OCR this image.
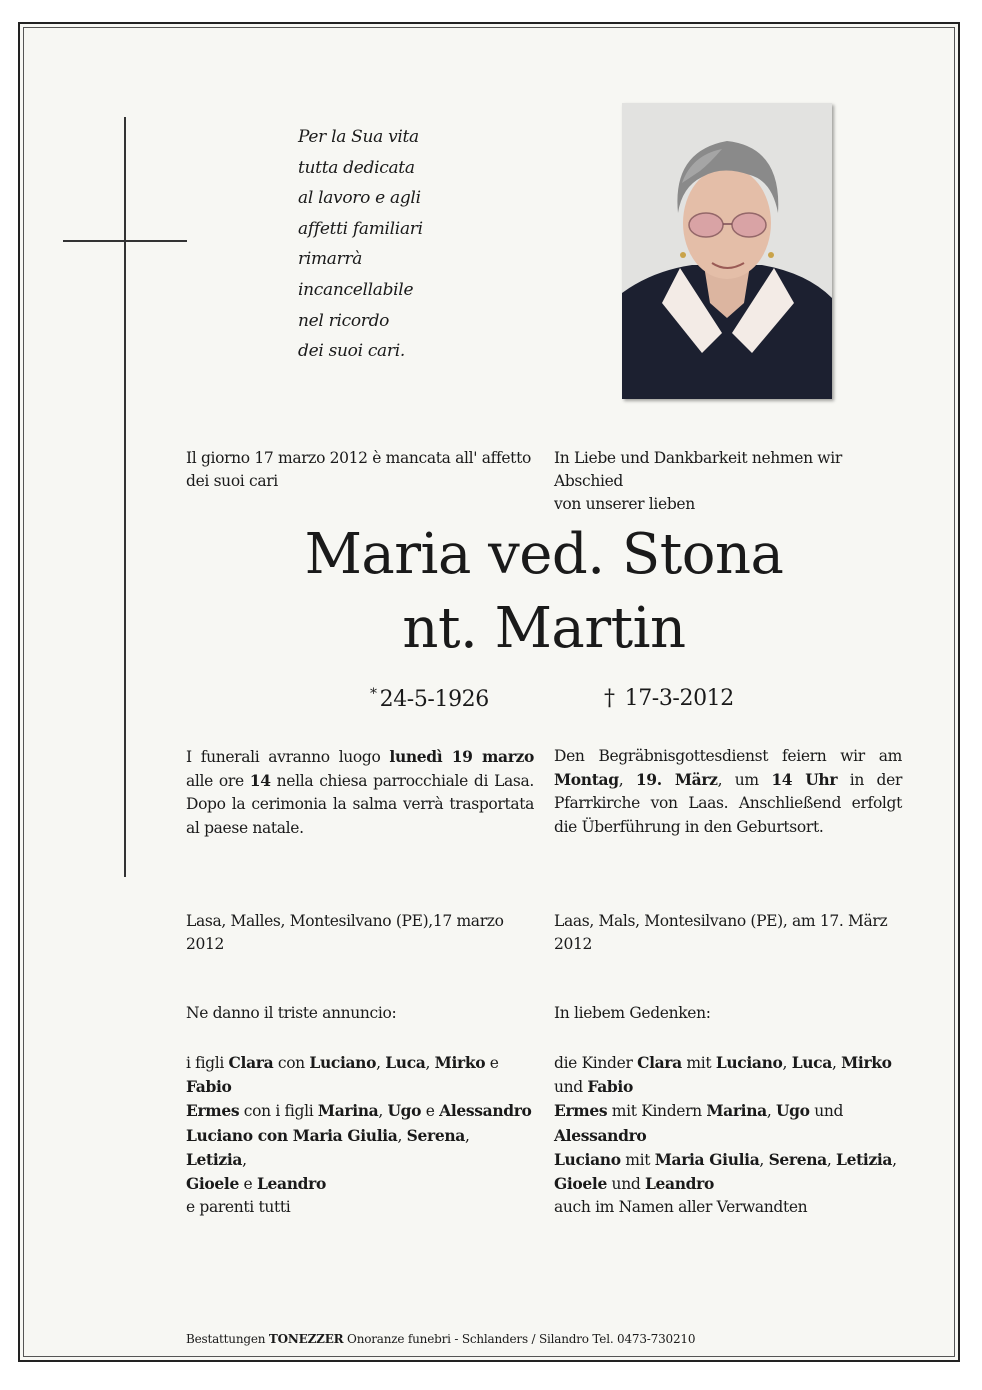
Per la Sua vita
tutta dedicata
al lavoro e agli
affetti familiari
rimarrà
incancellabile
nel ricordo
dei suoi cari.
Il giorno 17 marzo 2012 è mancata all' affetto
dei suoi cari
In Liebe und Dankbarkeit nehmen wir Abschied
von unserer lieben
Maria ved. Stona
nt. Martin
* 24-5-1926	† 17-3-2012
I funerali avranno luogo lunedì 19 marzo alle ore 14 nella chiesa parrocchiale di Lasa. Dopo la cerimonia la salma verrà trasportata al paese natale.
Den Begräbnisgottesdienst feiern wir am Montag, 19. März, um 14 Uhr in der Pfarrkirche von Laas. Anschließend erfolgt die Überführung in den Geburtsort.
Lasa, Malles, Montesilvano (PE),17 marzo 2012
Laas, Mals, Montesilvano (PE), am 17. März 2012
Ne danno il triste annuncio:	In liebem Gedenken:
i figli Clara con Luciano, Luca, Mirko e Fabio
Ermes con i figli Marina, Ugo e Alessandro
Luciano con Maria Giulia, Serena, Letizia,
Gioele e Leandro
e parenti tutti
die Kinder Clara mit Luciano, Luca, Mirko
und Fabio
Ermes mit Kindern Marina, Ugo und
Alessandro
Luciano mit Maria Giulia, Serena, Letizia,
Gioele und Leandro
auch im Namen aller Verwandten
Bestattungen TONEZZER Onoranze funebri - Schlanders / Silandro Tel. 0473-730210
